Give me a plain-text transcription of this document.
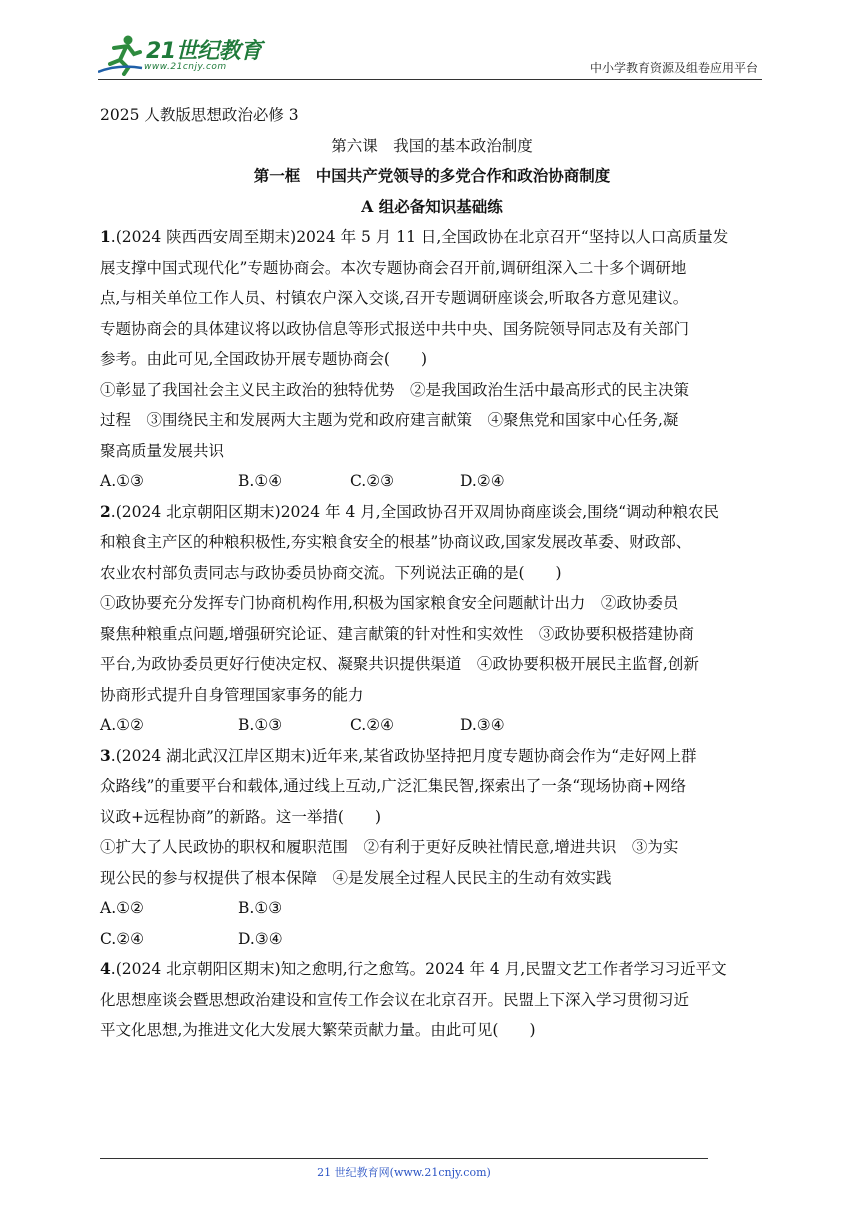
21世纪教育
www.21cnjy.com	中小学教育资源及组卷应用平台
2025 人教版思想政治必修 3
第六课　我国的基本政治制度
第一框　中国共产党领导的多党合作和政治协商制度
A 组必备知识基础练
1.(2024 陕西西安周至期末)2024 年 5 月 11 日,全国政协在北京召开“坚持以人口高质量发
展支撑中国式现代化”专题协商会。本次专题协商会召开前,调研组深入二十多个调研地
点,与相关单位工作人员、村镇农户深入交谈,召开专题调研座谈会,听取各方意见建议。
专题协商会的具体建议将以政协信息等形式报送中共中央、国务院领导同志及有关部门
参考。由此可见,全国政协开展专题协商会(　　)
①彰显了我国社会主义民主政治的独特优势　②是我国政治生活中最高形式的民主决策
过程　③围绕民主和发展两大主题为党和政府建言献策　④聚焦党和国家中心任务,凝
聚高质量发展共识
A.①③	B.①④	C.②③	D.②④
2.(2024 北京朝阳区期末)2024 年 4 月,全国政协召开双周协商座谈会,围绕“调动种粮农民
和粮食主产区的种粮积极性,夯实粮食安全的根基”协商议政,国家发展改革委、财政部、
农业农村部负责同志与政协委员协商交流。下列说法正确的是(　　)
①政协要充分发挥专门协商机构作用,积极为国家粮食安全问题献计出力　②政协委员
聚焦种粮重点问题,增强研究论证、建言献策的针对性和实效性　③政协要积极搭建协商
平台,为政协委员更好行使决定权、凝聚共识提供渠道　④政协要积极开展民主监督,创新
协商形式提升自身管理国家事务的能力
A.①②	B.①③	C.②④	D.③④
3.(2024 湖北武汉江岸区期末)近年来,某省政协坚持把月度专题协商会作为“走好网上群
众路线”的重要平台和载体,通过线上互动,广泛汇集民智,探索出了一条“现场协商+网络
议政+远程协商”的新路。这一举措(　　)
①扩大了人民政协的职权和履职范围　②有利于更好反映社情民意,增进共识　③为实
现公民的参与权提供了根本保障　④是发展全过程人民民主的生动有效实践
A.①②	B.①③
C.②④	D.③④
4.(2024 北京朝阳区期末)知之愈明,行之愈笃。2024 年 4 月,民盟文艺工作者学习习近平文
化思想座谈会暨思想政治建设和宣传工作会议在北京召开。民盟上下深入学习贯彻习近
平文化思想,为推进文化大发展大繁荣贡献力量。由此可见(　　)
21 世纪教育网(www.21cnjy.com)
